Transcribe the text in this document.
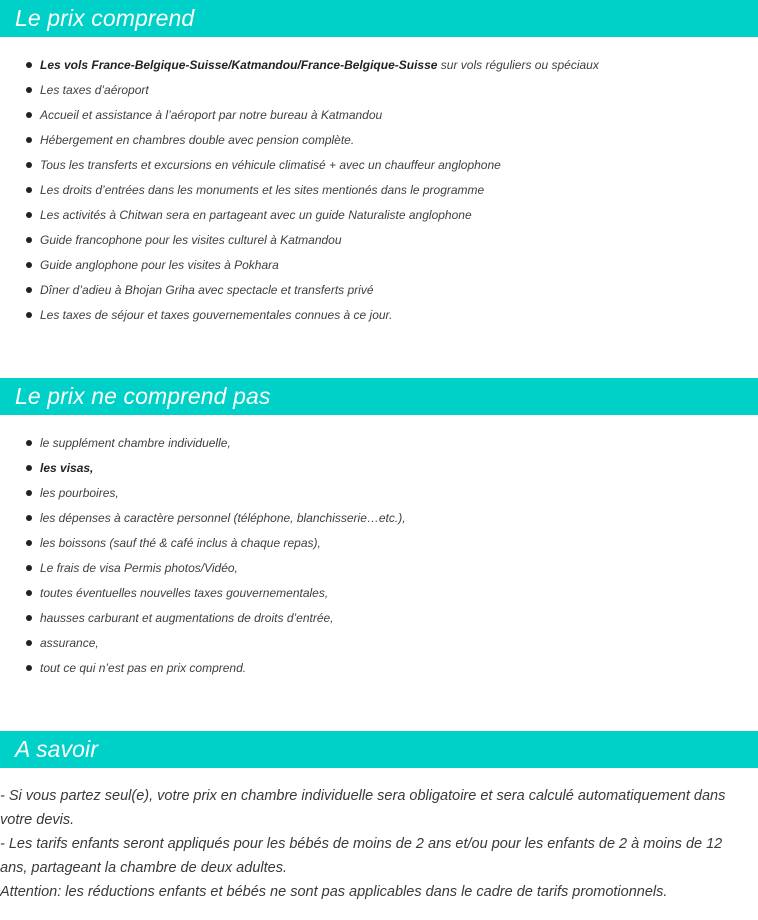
Le prix comprend
Les vols France-Belgique-Suisse/Katmandou/France-Belgique-Suisse sur vols réguliers ou spéciaux
Les taxes d’aéroport
Accueil et assistance à l’aéroport par notre bureau à Katmandou
Hébergement en chambres double avec pension complète.
Tous les transferts et excursions en véhicule climatisé + avec un chauffeur anglophone
Les droits d’entrées dans les monuments et les sites mentionés dans le programme
Les activités à Chitwan sera en partageant avec un guide Naturaliste anglophone
Guide francophone pour les visites culturel à Katmandou
Guide anglophone pour les visites à Pokhara
Dîner d’adieu à Bhojan Griha avec spectacle et transferts privé
Les taxes de séjour et taxes gouvernementales connues à ce jour.
Le prix ne comprend pas
le supplément chambre individuelle,
les visas,
les pourboires,
les dépenses à caractère personnel (téléphone, blanchisserie…etc.),
les boissons (sauf thé & café inclus à chaque repas),
Le frais de visa Permis photos/Vidéo,
toutes éventuelles nouvelles taxes gouvernementales,
hausses carburant et augmentations de droits d’entrée,
assurance,
tout ce qui n’est pas en prix comprend.
A savoir

- Si vous partez seul(e), votre prix en chambre individuelle sera obligatoire et sera calculé automatiquement dans votre devis.

- Les tarifs enfants seront appliqués pour les bébés de moins de 2 ans et/ou pour les enfants de 2 à moins de 12 ans, partageant la chambre de deux adultes.

Attention: les réductions enfants et bébés ne sont pas applicables dans le cadre de tarifs promotionnels.
